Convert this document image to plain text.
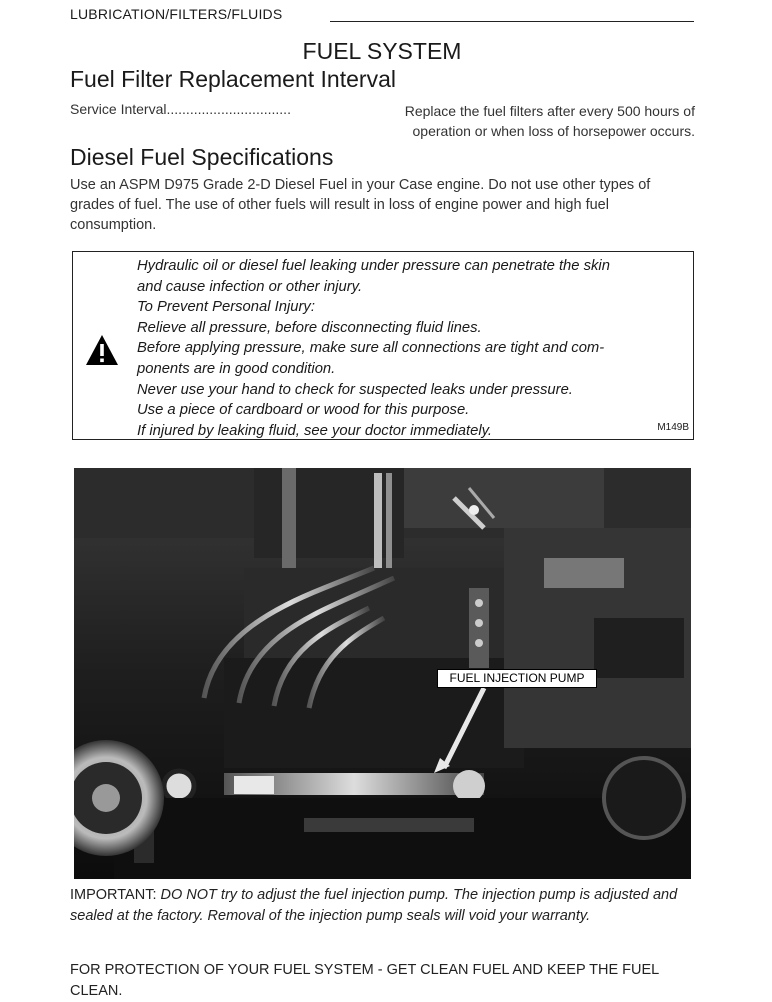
LUBRICATION/FILTERS/FLUIDS
FUEL SYSTEM
Fuel Filter Replacement Interval
Service Interval................................	Replace the fuel filters after every 500 hours of
operation or when loss of horsepower occurs.
Diesel Fuel Specifications

Use an ASPM D975 Grade 2-D Diesel Fuel in your Case engine. Do not use other types of grades of fuel. The use of other fuels will result in loss of engine power and high fuel consumption.

Hydraulic oil or diesel fuel leaking under pressure can penetrate the skin
and cause infection or other injury.
To Prevent Personal Injury:
Relieve all pressure, before disconnecting fluid lines.
Before applying pressure, make sure all connections are tight and com-
ponents are in good condition.
Never use your hand to check for suspected leaks under pressure.
Use a piece of cardboard or wood for this purpose.
If injured by leaking fluid, see your doctor immediately.	M149B
FUEL INJECTION PUMP

IMPORTANT: DO NOT try to adjust the fuel injection pump. The injection pump is adjusted and sealed at the factory. Removal of the injection pump seals will void your warranty.

FOR PROTECTION OF YOUR FUEL SYSTEM - GET CLEAN FUEL AND KEEP THE FUEL CLEAN.
